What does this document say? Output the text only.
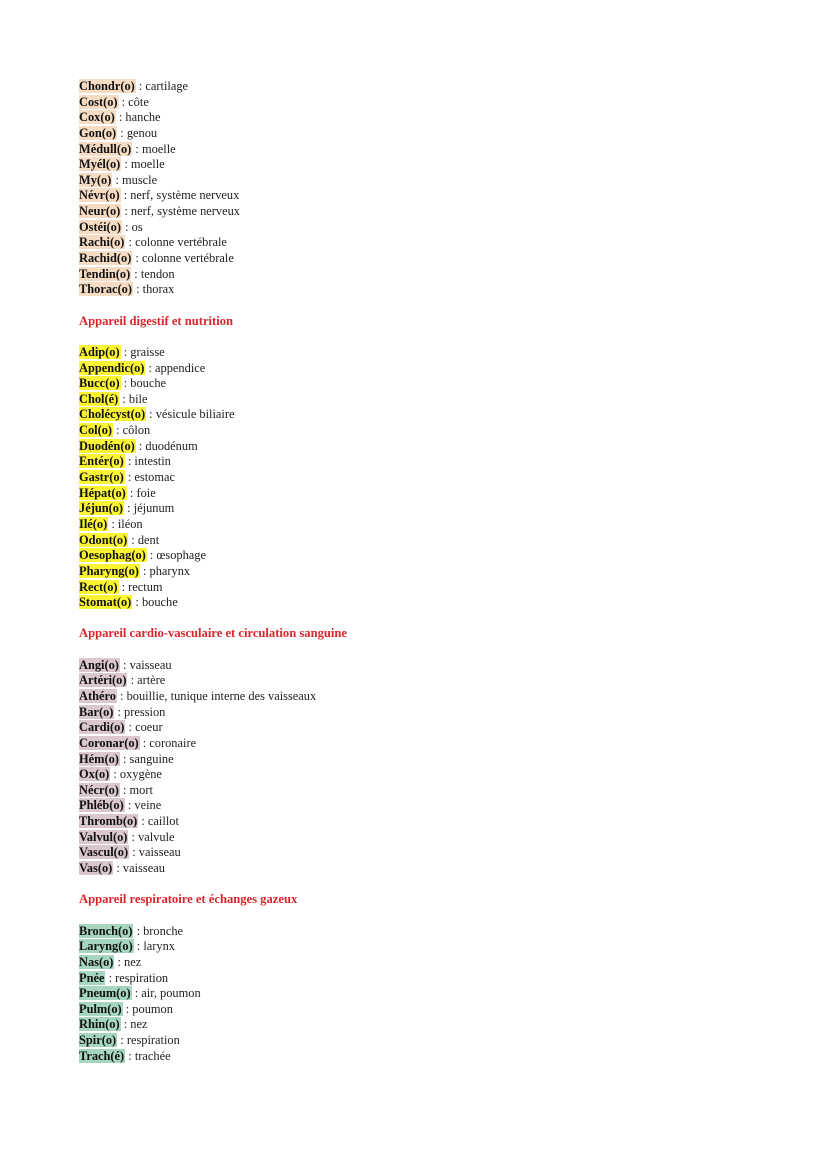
Chondr(o) : cartilage
Cost(o) : côte
Cox(o) : hanche
Gon(o) : genou
Médull(o) : moelle
Myél(o) : moelle
My(o) : muscle
Névr(o) : nerf, système nerveux
Neur(o) : nerf, système nerveux
Ostéi(o) : os
Rachi(o) : colonne vertébrale
Rachid(o) : colonne vertébrale
Tendin(o) : tendon
Thorac(o) : thorax
Appareil digestif et nutrition
Adip(o) : graisse
Appendic(o) : appendice
Bucc(o) : bouche
Chol(é) : bile
Cholécyst(o) : vésicule biliaire
Col(o) : côlon
Duodén(o) : duodénum
Entér(o) : intestin
Gastr(o) : estomac
Hépat(o) : foie
Jéjun(o) : jéjunum
Ilé(o) : iléon
Odont(o) : dent
Oesophag(o) : œsophage
Pharyng(o) : pharynx
Rect(o) : rectum
Stomat(o) : bouche
Appareil cardio-vasculaire et circulation sanguine
Angi(o) : vaisseau
Artéri(o) : artère
Athéro : bouillie, tunique interne des vaisseaux
Bar(o) : pression
Cardi(o) : coeur
Coronar(o) : coronaire
Hém(o) : sanguine
Ox(o) : oxygène
Nécr(o) : mort
Phléb(o) : veine
Thromb(o) : caillot
Valvul(o) : valvule
Vascul(o) : vaisseau
Vas(o) : vaisseau
Appareil respiratoire et échanges gazeux
Bronch(o) : bronche
Laryng(o) : larynx
Nas(o) : nez
Pnée : respiration
Pneum(o) : air, poumon
Pulm(o) : poumon
Rhin(o) : nez
Spir(o) : respiration
Trach(é) : trachée
